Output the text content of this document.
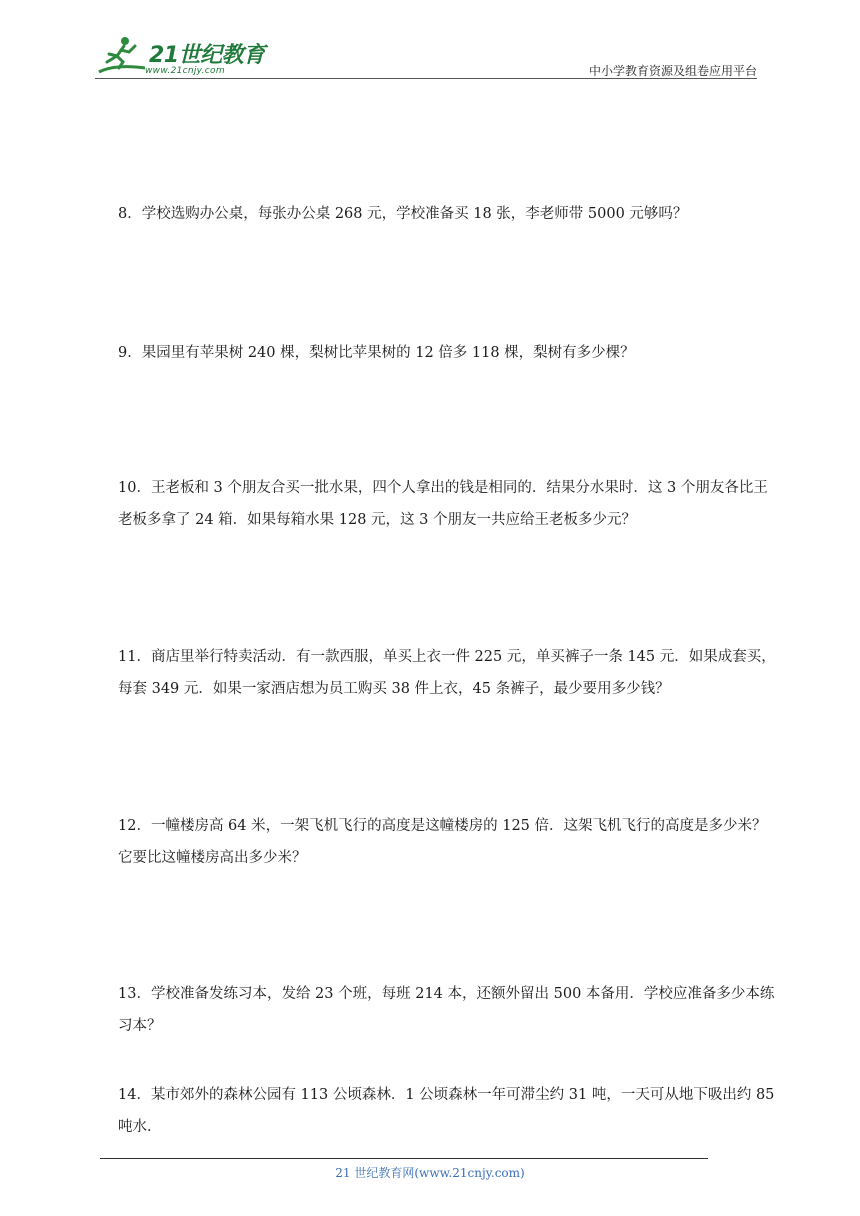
21世纪教育
www.21cnjy.com	中小学教育资源及组卷应用平台
8．学校选购办公桌，每张办公桌 268 元，学校准备买 18 张，李老师带 5000 元够吗？
9．果园里有苹果树 240 棵，梨树比苹果树的 12 倍多 118 棵，梨树有多少棵？
10．王老板和 3 个朋友合买一批水果，四个人拿出的钱是相同的．结果分水果时．这 3 个朋友各比王
老板多拿了 24 箱．如果每箱水果 128 元，这 3 个朋友一共应给王老板多少元？
11．商店里举行特卖活动．有一款西服，单买上衣一件 225 元，单买裤子一条 145 元．如果成套买，
每套 349 元．如果一家酒店想为员工购买 38 件上衣，45 条裤子，最少要用多少钱？
12．一幢楼房高 64 米，一架飞机飞行的高度是这幢楼房的 125 倍．这架飞机飞行的高度是多少米？
它要比这幢楼房高出多少米？
13．学校准备发练习本，发给 23 个班，每班 214 本，还额外留出 500 本备用．学校应准备多少本练
习本？
14．某市郊外的森林公园有 113 公顷森林．1 公顷森林一年可滞尘约 31 吨，一天可从地下吸出约 85
吨水．
21 世纪教育网(www.21cnjy.com)
